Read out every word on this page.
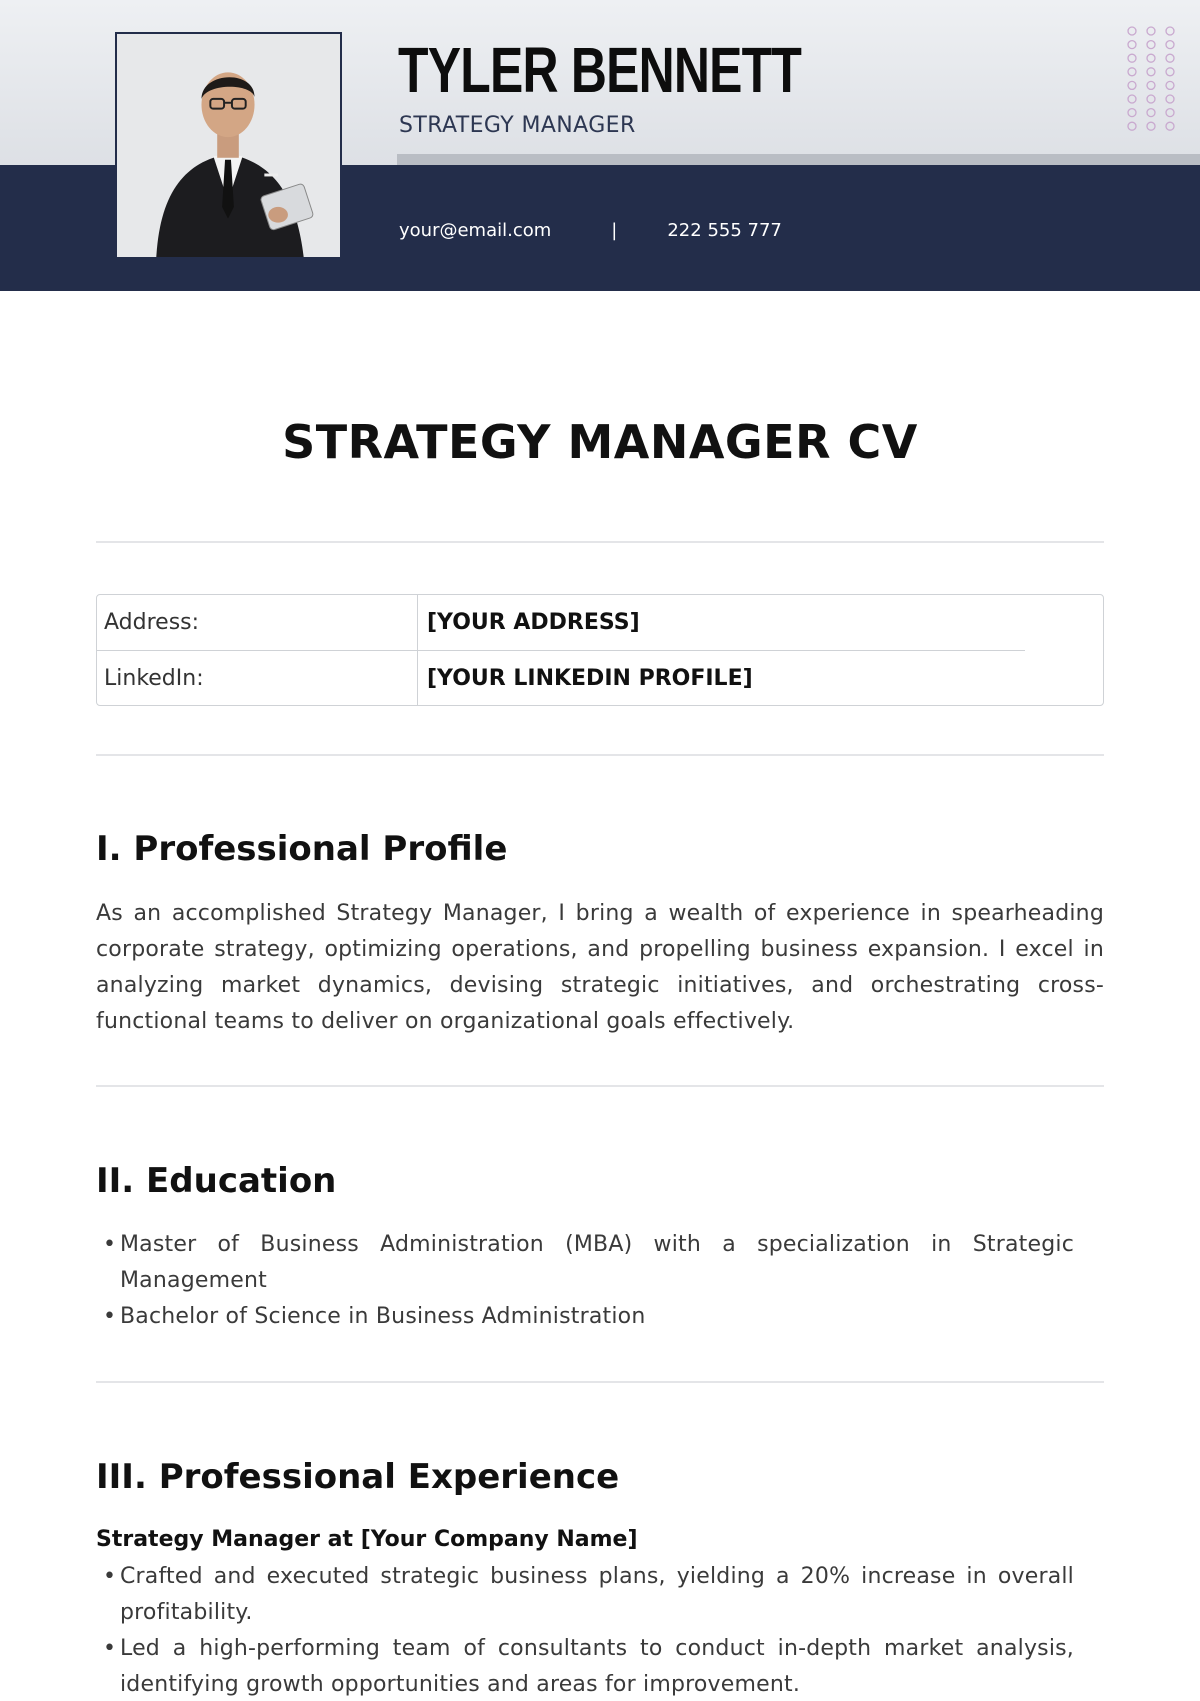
TYLER BENNETT
STRATEGY MANAGER
your@email.com	|	222 555 777
STRATEGY MANAGER CV
Address:	[YOUR ADDRESS]
LinkedIn:	[YOUR LINKEDIN PROFILE]
I. Professional Profile
As an accomplished Strategy Manager, I bring a wealth of experience in spearheading corporate strategy, optimizing operations, and propelling business expansion. I excel in analyzing market dynamics, devising strategic initiatives, and orchestrating cross-functional teams to deliver on organizational goals effectively.
II. Education
• Master of Business Administration (MBA) with a specialization in Strategic Management
• Bachelor of Science in Business Administration
III. Professional Experience
Strategy Manager at [Your Company Name]
• Crafted and executed strategic business plans, yielding a 20% increase in overall profitability.
• Led a high-performing team of consultants to conduct in-depth market analysis, identifying growth opportunities and areas for improvement.
